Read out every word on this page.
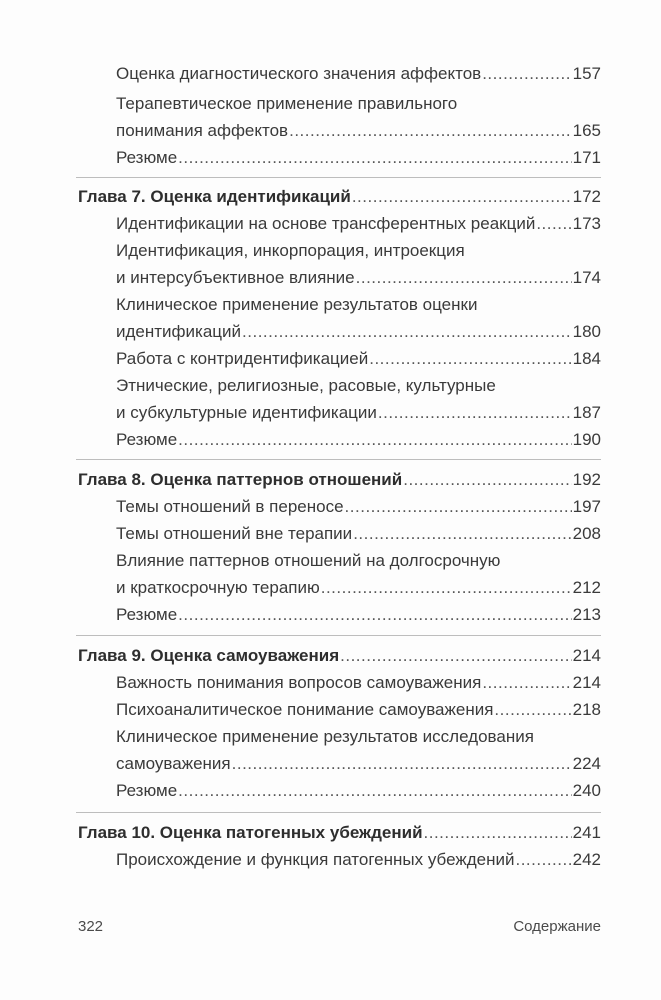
Оценка диагностического значения аффектов .....	157
Терапевтическое применение правильного
понимания аффектов .....	165
Резюме .....	171
Глава 7. Оценка идентификаций .....	172
Идентификации на основе трансферентных реакций ..... 173
Идентификация, инкорпорация, интроекция
и интерсубъективное влияние .....	174
Клиническое применение результатов оценки
идентификаций .....	180
Работа с контридентификацией .....	184
Этнические, религиозные, расовые, культурные
и субкультурные идентификации .....	187
Резюме .....	190
Глава 8. Оценка паттернов отношений .....	192
Темы отношений в переносе .....	197
Темы отношений вне терапии .....	208
Влияние паттернов отношений на долгосрочную
и краткосрочную терапию .....	212
Резюме .....	213
Глава 9. Оценка самоуважения .....	214
Важность понимания вопросов самоуважения .....	214
Психоаналитическое понимание самоуважения .....	218
Клиническое применение результатов исследования
самоуважения .....	224
Резюме .....	240
Глава 10. Оценка патогенных убеждений .....	241
Происхождение и функция патогенных убеждений .....	242
322	Содержание
